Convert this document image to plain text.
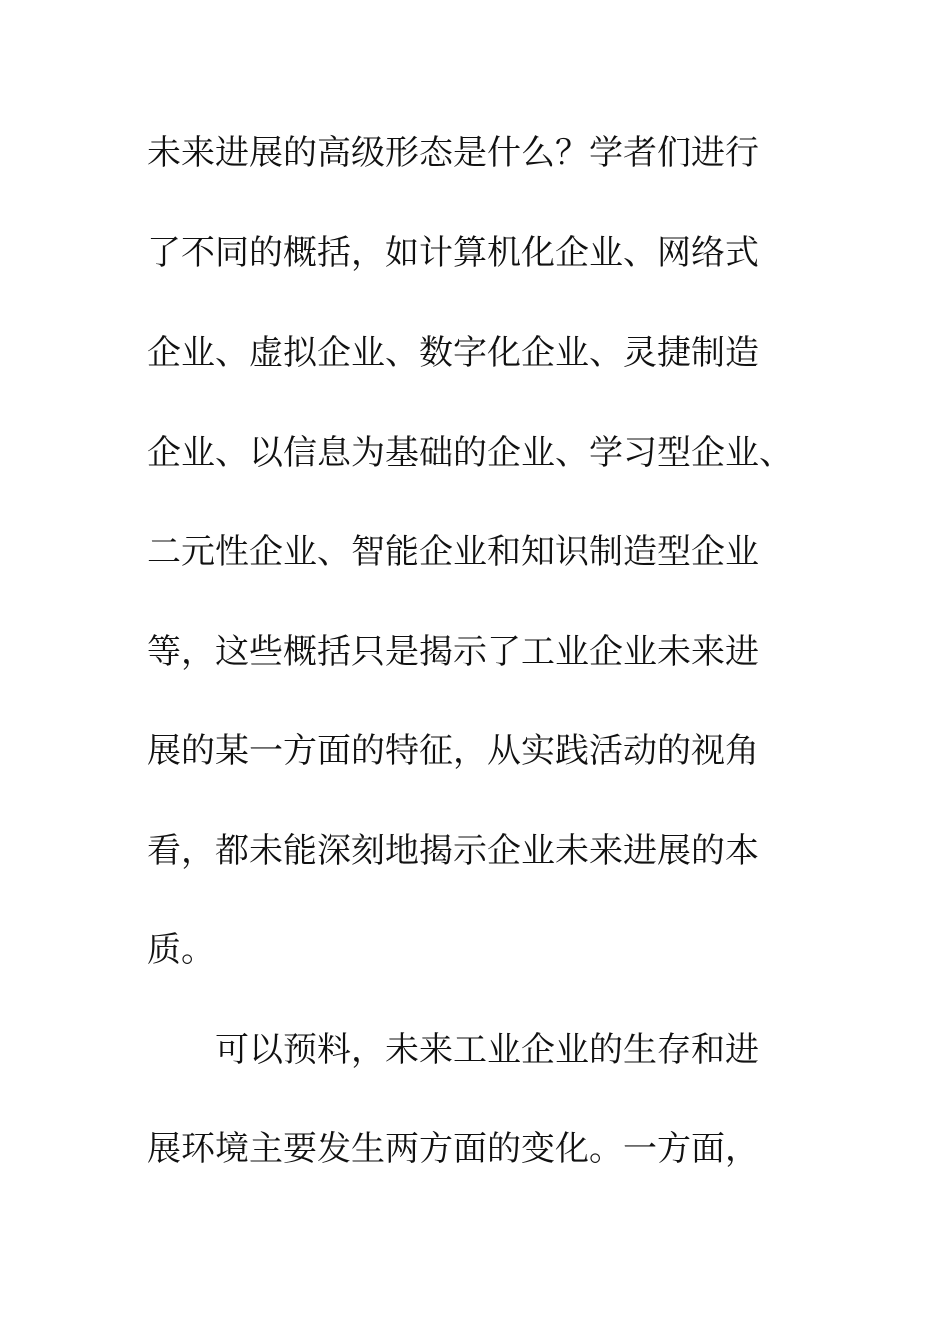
未来进展的高级形态是什么？学者们进行
了不同的概括，如计算机化企业、网络式
企业、虚拟企业、数字化企业、灵捷制造
企业、以信息为基础的企业、学习型企业、
二元性企业、智能企业和知识制造型企业
等，这些概括只是揭示了工业企业未来进
展的某一方面的特征，从实践活动的视角
看，都未能深刻地揭示企业未来进展的本
质。
可以预料，未来工业企业的生存和进
展环境主要发生两方面的变化。一方面，
